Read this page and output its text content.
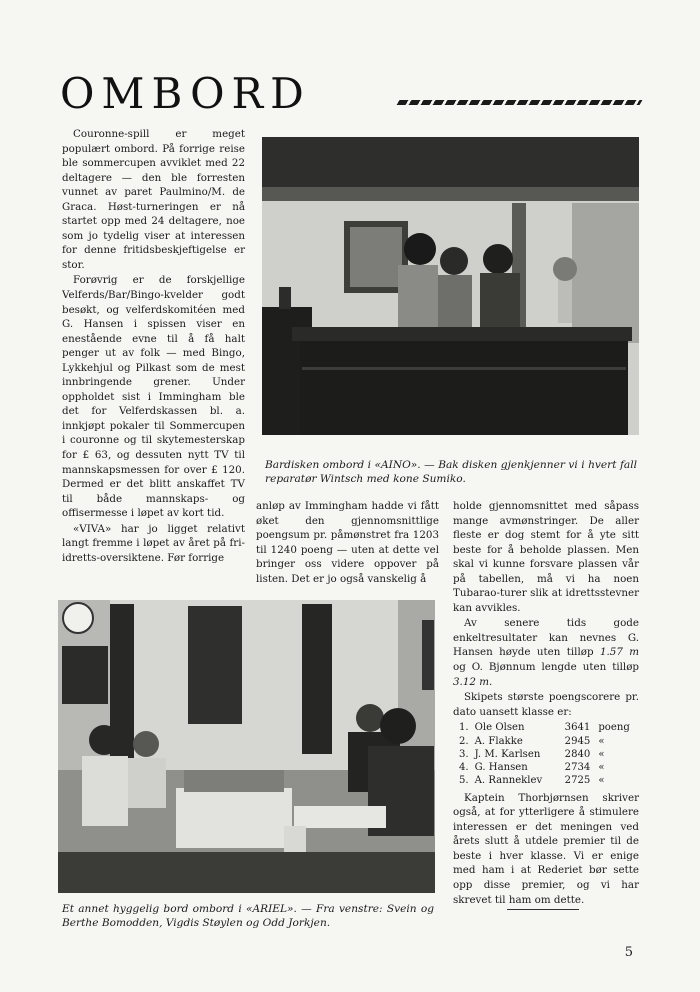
OMBORD

Couronne-spill er meget populært ombord. På forrige reise ble sommercupen avviklet med 22 deltagere — den ble forresten vunnet av paret Paulmino/M. de Graca. Høst-turneringen er nå startet opp med 24 deltagere, noe som jo tydelig viser at interessen for denne fritidsbeskjeftigelse er stor.

Forøvrig er de forskjellige Velferds/Bar/Bingo-kvelder godt besøkt, og velferdskomitéen med G. Hansen i spissen viser en enestående evne til å få halt penger ut av folk — med Bingo, Lykkehjul og Pilkast som de mest innbringende grener. Under oppholdet sist i Immingham ble det for Velferdskassen bl. a. innkjøpt pokaler til Sommercupen i couronne og til skytemesterskap for £ 63, og dessuten nytt TV til mannskapsmessen for over £ 120. Dermed er det blitt anskaffet TV til både mannskaps- og offisermesse i løpet av kort tid.

«VIVA» har jo ligget relativt langt fremme i løpet av året på fri-idretts-oversiktene. Før forrige

Bardisken ombord i «AINO». — Bak disken gjenkjenner vi i hvert fall reparatør Wintsch med kone Sumiko.

anløp av Immingham hadde vi fått øket den gjennomsnittlige poengsum pr. påmønstret fra 1203 til 1240 poeng — uten at dette vel bringer oss videre oppover på listen. Det er jo også vanskelig å

holde gjennomsnittet med såpass mange avmønstringer. De aller fleste er dog stemt for å yte sitt beste for å beholde plassen. Men skal vi kunne forsvare plassen vår på tabellen, må vi ha noen Tubarao-turer slik at idrettsstevner kan avvikles.

Av senere tids gode enkeltresultater kan nevnes G. Hansen høyde uten tilløp 1.57 m og O. Bjønnum lengde uten tilløp 3.12 m.

Skipets største poengscorere pr. dato uansett klasse er:

1.	Ole Olsen	3641	poeng
2.	A. Flakke	2945	«
3.	J. M. Karlsen	2840	«
4.	G. Hansen	2734	«
5.	A. Ranneklev	2725	«

Kaptein Thorbjørnsen skriver også, at for ytterligere å stimulere interessen er det meningen ved årets slutt å utdele premier til de beste i hver klasse. Vi er enige med ham i at Rederiet bør sette opp disse premier, og vi har skrevet til ham om dette.

Et annet hyggelig bord ombord i «ARIEL». — Fra venstre: Svein og Berthe Bomodden, Vigdis Støylen og Odd Jorkjen.
5
